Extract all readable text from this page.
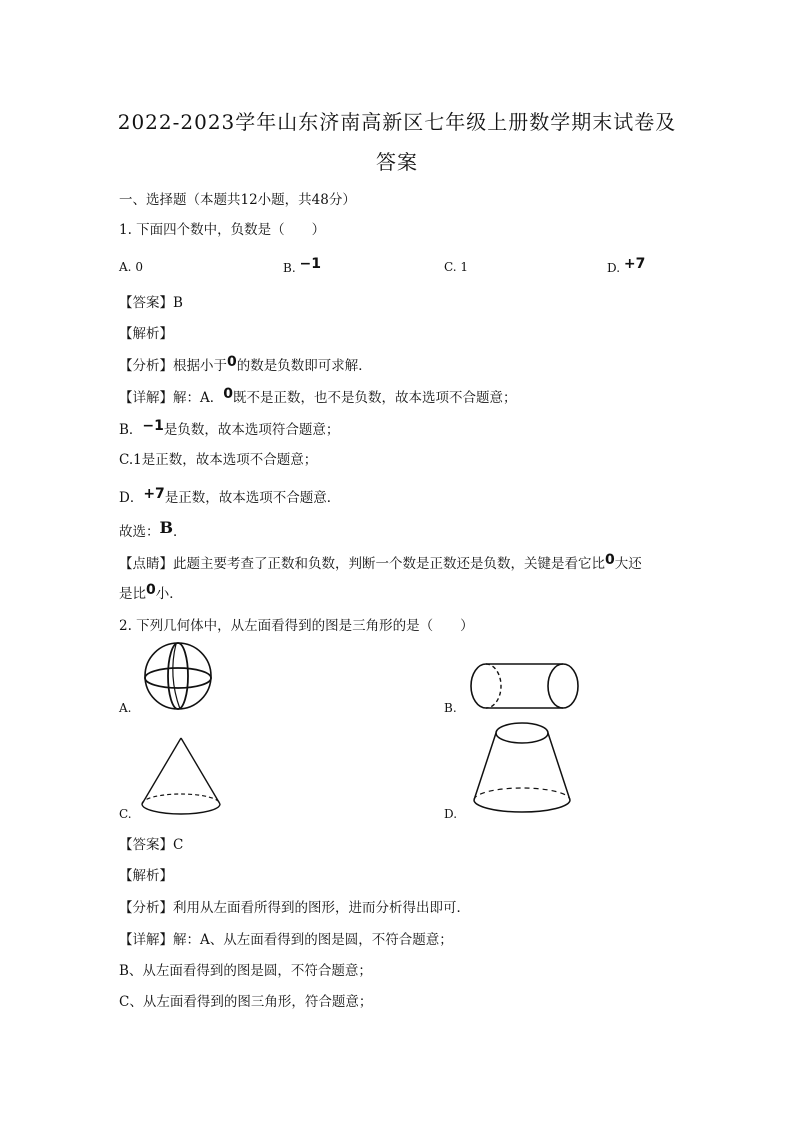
2022-2023学年山东济南高新区七年级上册数学期末试卷及
答案
一、选择题（本题共12小题，共48分）
1. 下面四个数中，负数是（　　）
A. 0	B. −1	C. 1	D. +7
【答案】B
【解析】
【分析】根据小于0的数是负数即可求解．
【详解】解：A．0既不是正数，也不是负数，故本选项不合题意；
B．−1是负数，故本选项符合题意；
C.1是正数，故本选项不合题意；
D．+7是正数，故本选项不合题意．
故选：B．
【点睛】此题主要考查了正数和负数，判断一个数是正数还是负数，关键是看它比0大还
是比0小．
2. 下列几何体中，从左面看得到的图是三角形的是（　　）
A.	B.
C.	D.
【答案】C
【解析】
【分析】利用从左面看所得到的图形，进而分析得出即可．
【详解】解：A、从左面看得到的图是圆，不符合题意；
B、从左面看得到的图是圆，不符合题意；
C、从左面看得到的图三角形，符合题意；
